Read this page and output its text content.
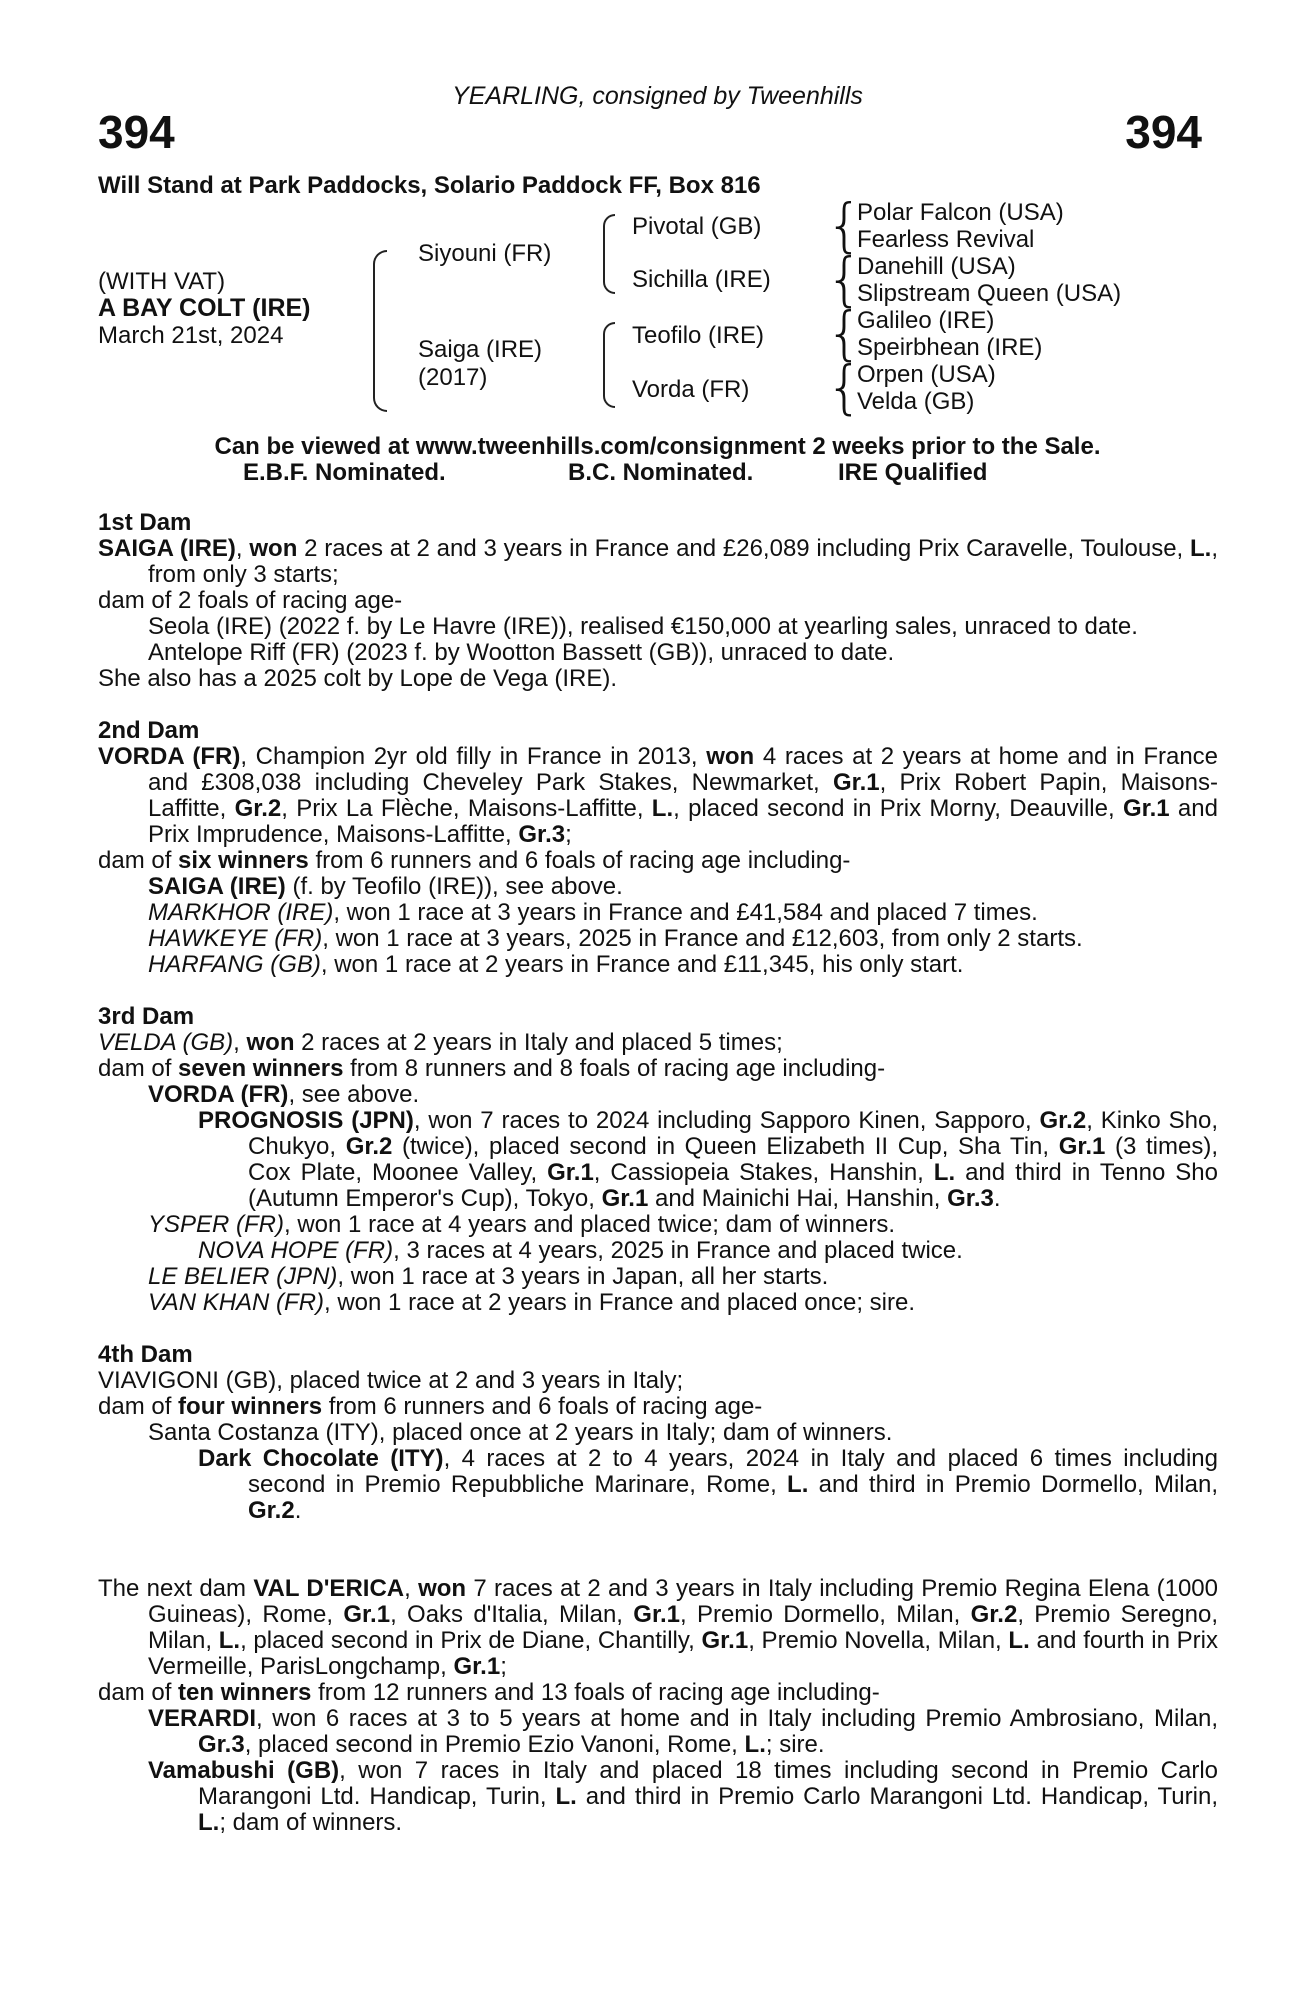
YEARLING, consigned by Tweenhills
394	394
Will Stand at Park Paddocks, Solario Paddock FF, Box 816
(WITH VAT)
A BAY COLT (IRE)
March 21st, 2024
Siyouni (FR)
Saiga (IRE)
(2017)
Pivotal (GB)
Sichilla (IRE)
Teofilo (IRE)
Vorda (FR)
{
{
{
{
Polar Falcon (USA)
Fearless Revival
Danehill (USA)
Slipstream Queen (USA)
Galileo (IRE)
Speirbhean (IRE)
Orpen (USA)
Velda (GB)
Can be viewed at www.tweenhills.com/consignment 2 weeks prior to the Sale.
E.B.F. Nominated.	B.C. Nominated.	IRE Qualified
1st Dam
SAIGA (IRE), won 2 races at 2 and 3 years in France and £26,089 including Prix Caravelle, Toulouse, L., from only 3 starts;
dam of 2 foals of racing age-
Seola (IRE) (2022 f. by Le Havre (IRE)), realised €150,000 at yearling sales, unraced to date.
Antelope Riff (FR) (2023 f. by Wootton Bassett (GB)), unraced to date.
She also has a 2025 colt by Lope de Vega (IRE).
2nd Dam
VORDA (FR), Champion 2yr old filly in France in 2013, won 4 races at 2 years at home and in France and £308,038 including Cheveley Park Stakes, Newmarket, Gr.1, Prix Robert Papin, Maisons-Laffitte, Gr.2, Prix La Flèche, Maisons-Laffitte, L., placed second in Prix Morny, Deauville, Gr.1 and Prix Imprudence, Maisons-Laffitte, Gr.3;
dam of six winners from 6 runners and 6 foals of racing age including-
SAIGA (IRE) (f. by Teofilo (IRE)), see above.
MARKHOR (IRE), won 1 race at 3 years in France and £41,584 and placed 7 times.
HAWKEYE (FR), won 1 race at 3 years, 2025 in France and £12,603, from only 2 starts.
HARFANG (GB), won 1 race at 2 years in France and £11,345, his only start.
3rd Dam
VELDA (GB), won 2 races at 2 years in Italy and placed 5 times;
dam of seven winners from 8 runners and 8 foals of racing age including-
VORDA (FR), see above.
PROGNOSIS (JPN), won 7 races to 2024 including Sapporo Kinen, Sapporo, Gr.2, Kinko Sho, Chukyo, Gr.2 (twice), placed second in Queen Elizabeth II Cup, Sha Tin, Gr.1 (3 times), Cox Plate, Moonee Valley, Gr.1, Cassiopeia Stakes, Hanshin, L. and third in Tenno Sho (Autumn Emperor's Cup), Tokyo, Gr.1 and Mainichi Hai, Hanshin, Gr.3.
YSPER (FR), won 1 race at 4 years and placed twice; dam of winners.
NOVA HOPE (FR), 3 races at 4 years, 2025 in France and placed twice.
LE BELIER (JPN), won 1 race at 3 years in Japan, all her starts.
VAN KHAN (FR), won 1 race at 2 years in France and placed once; sire.
4th Dam
VIAVIGONI (GB), placed twice at 2 and 3 years in Italy;
dam of four winners from 6 runners and 6 foals of racing age-
Santa Costanza (ITY), placed once at 2 years in Italy; dam of winners.
Dark Chocolate (ITY), 4 races at 2 to 4 years, 2024 in Italy and placed 6 times including second in Premio Repubbliche Marinare, Rome, L. and third in Premio Dormello, Milan, Gr.2.
The next dam VAL D'ERICA, won 7 races at 2 and 3 years in Italy including Premio Regina Elena (1000 Guineas), Rome, Gr.1, Oaks d'Italia, Milan, Gr.1, Premio Dormello, Milan, Gr.2, Premio Seregno, Milan, L., placed second in Prix de Diane, Chantilly, Gr.1, Premio Novella, Milan, L. and fourth in Prix Vermeille, ParisLongchamp, Gr.1;
dam of ten winners from 12 runners and 13 foals of racing age including-
VERARDI, won 6 races at 3 to 5 years at home and in Italy including Premio Ambrosiano, Milan, Gr.3, placed second in Premio Ezio Vanoni, Rome, L.; sire.
Vamabushi (GB), won 7 races in Italy and placed 18 times including second in Premio Carlo Marangoni Ltd. Handicap, Turin, L. and third in Premio Carlo Marangoni Ltd. Handicap, Turin, L.; dam of winners.
